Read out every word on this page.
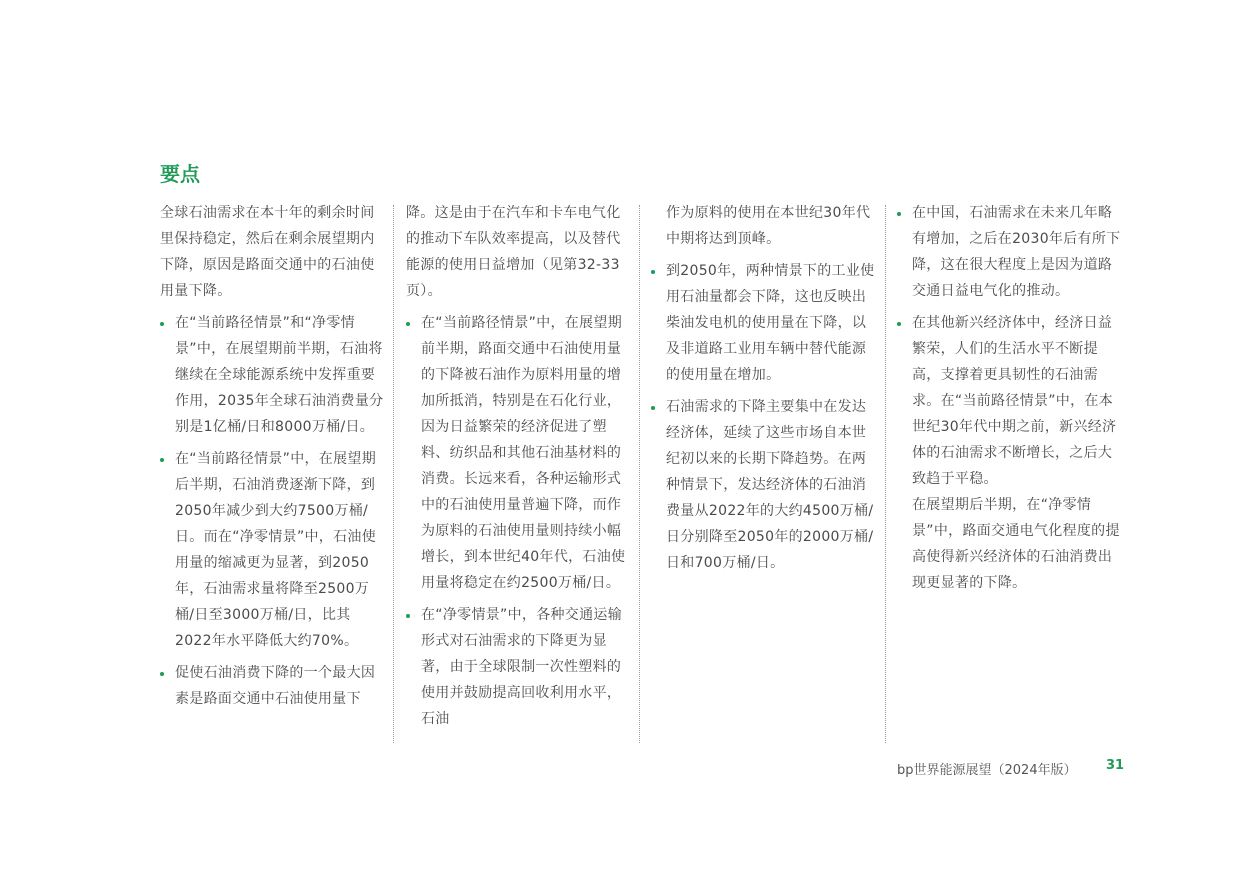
要点

全球石油需求在本十年的剩余时间里保持稳定，然后在剩余展望期内下降，原因是路面交通中的石油使用量下降。

在“当前路径情景”和“净零情景”中，在展望期前半期，石油将继续在全球能源系统中发挥重要作用，2035年全球石油消费量分别是1亿桶/日和8000万桶/日。
在“当前路径情景”中，在展望期后半期，石油消费逐渐下降，到2050年减少到大约7500万桶/日。而在“净零情景”中，石油使用量的缩减更为显著，到2050年，石油需求量将降至2500万桶/日至3000万桶/日，比其2022年水平降低大约70%。
促使石油消费下降的一个最大因素是路面交通中石油使用量下
降。这是由于在汽车和卡车电气化的推动下车队效率提高，以及替代能源的使用日益增加（见第32-33页）。
在“当前路径情景”中，在展望期前半期，路面交通中石油使用量的下降被石油作为原料用量的增加所抵消，特别是在石化行业，因为日益繁荣的经济促进了塑料、纺织品和其他石油基材料的消费。长远来看，各种运输形式中的石油使用量普遍下降，而作为原料的石油使用量则持续小幅增长，到本世纪40年代，石油使用量将稳定在约2500万桶/日。
在“净零情景”中，各种交通运输形式对石油需求的下降更为显著，由于全球限制一次性塑料的使用并鼓励提高回收利用水平，石油
作为原料的使用在本世纪30年代中期将达到顶峰。
到2050年，两种情景下的工业使用石油量都会下降，这也反映出柴油发电机的使用量在下降，以及非道路工业用车辆中替代能源的使用量在增加。
石油需求的下降主要集中在发达经济体，延续了这些市场自本世纪初以来的长期下降趋势。在两种情景下，发达经济体的石油消费量从2022年的大约4500万桶/日分别降至2050年的2000万桶/日和700万桶/日。
在中国，石油需求在未来几年略有增加，之后在2030年后有所下降，这在很大程度上是因为道路交通日益电气化的推动。
在其他新兴经济体中，经济日益繁荣，人们的生活水平不断提高，支撑着更具韧性的石油需求。在“当前路径情景”中，在本世纪30年代中期之前，新兴经济体的石油需求不断增长，之后大致趋于平稳。
在展望期后半期，在“净零情景”中，路面交通电气化程度的提高使得新兴经济体的石油消费出现更显著的下降。

bp世界能源展望（2024年版） 31
